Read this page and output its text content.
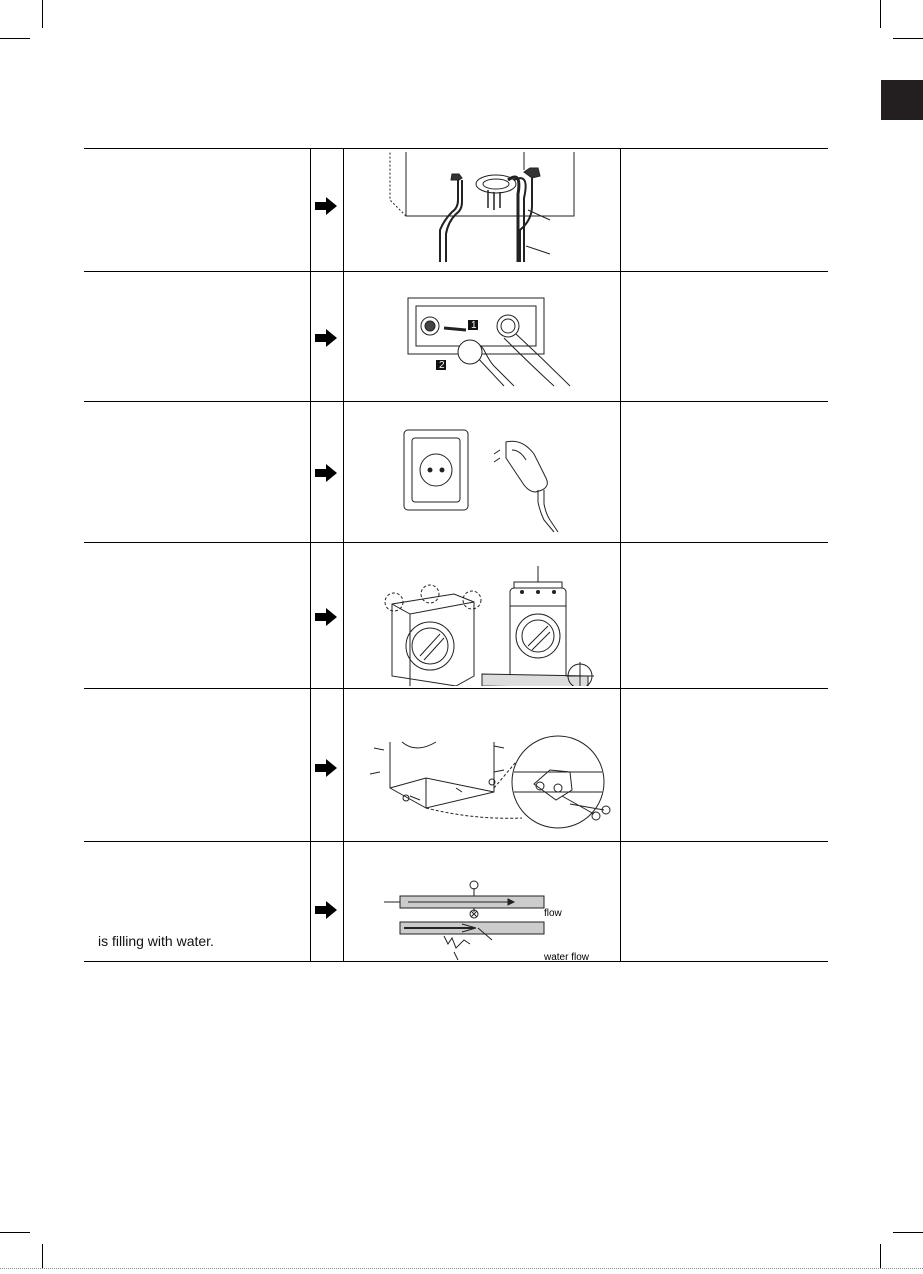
1
2
is filling with water.
flow
water flow
